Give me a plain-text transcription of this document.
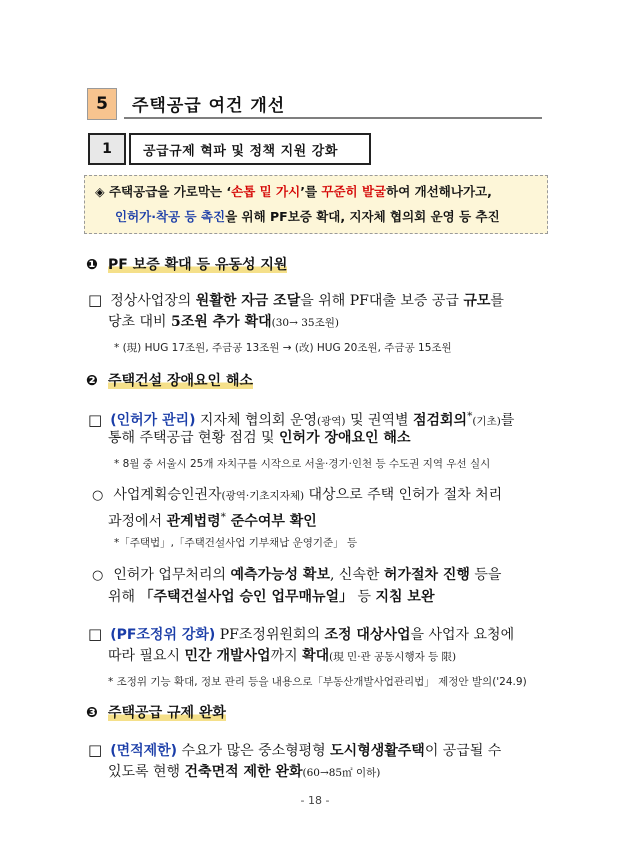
5	주택공급 여건 개선
1	공급규제 혁파 및 정책 지원 강화
◈ 주택공급을 가로막는 ‘손톱 밑 가시’를 꾸준히 발굴하여 개선해나가고,
인허가·착공 등 촉진을 위해 PF보증 확대, 지자체 협의회 운영 등 추진
❶ PF 보증 확대 등 유동성 지원
□ 정상사업장의 원활한 자금 조달을 위해 PF대출 보증 공급 규모를
당초 대비 5조원 추가 확대(30→ 35조원)
* (現) HUG 17조원, 주금공 13조원 → (改) HUG 20조원, 주금공 15조원
❷ 주택건설 장애요인 해소
□ (인허가 관리) 지자체 협의회 운영(광역) 및 권역별 점검회의*(기초)를
통해 주택공급 현황 점검 및 인허가 장애요인 해소
* 8월 중 서울시 25개 자치구를 시작으로 서울·경기·인천 등 수도권 지역 우선 실시
○ 사업계획승인권자(광역·기초지자체) 대상으로 주택 인허가 절차 처리
과정에서 관계법령* 준수여부 확인
*「주택법」,「주택건설사업 기부채납 운영기준」 등
○ 인허가 업무처리의 예측가능성 확보, 신속한 허가절차 진행 등을
위해 「주택건설사업 승인 업무매뉴얼」 등 지침 보완
□ (PF조정위 강화) PF조정위원회의 조정 대상사업을 사업자 요청에
따라 필요시 민간 개발사업까지 확대(現 민·관 공동시행자 등 限)
* 조정위 기능 확대, 정보 관리 등을 내용으로「부동산개발사업관리법」 제정안 발의('24.9)
❸ 주택공급 규제 완화
□ (면적제한) 수요가 많은 중소형평형 도시형생활주택이 공급될 수
있도록 현행 건축면적 제한 완화(60→85㎡ 이하)
- 18 -
